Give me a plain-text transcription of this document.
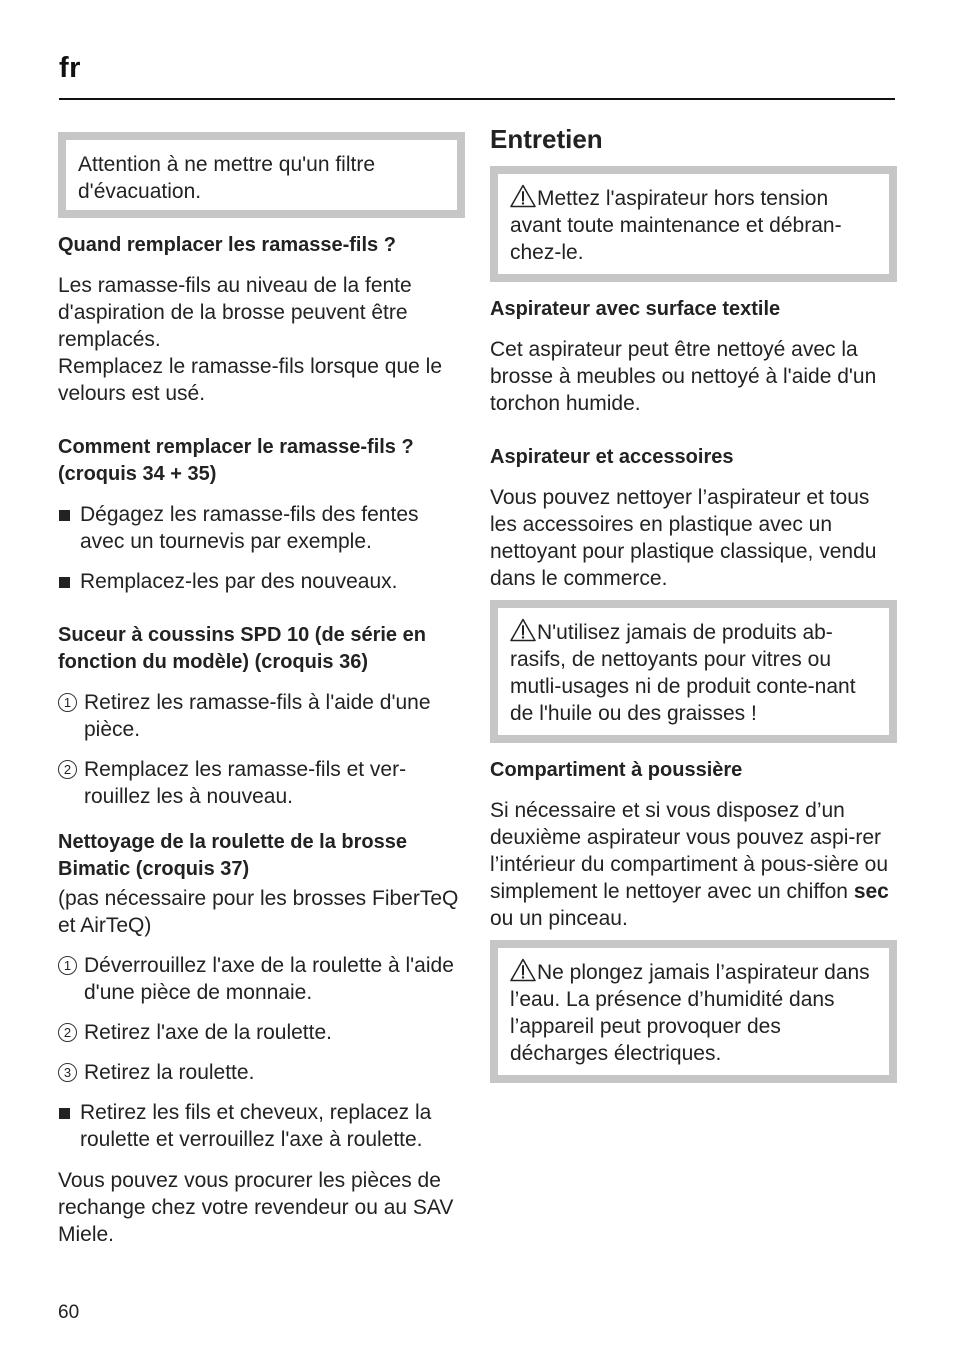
fr

Attention à ne mettre qu'un filtre d'évacuation.

Quand remplacer les ramasse-fils ?

Les ramasse-fils au niveau de la fente d'aspiration de la brosse peuvent être remplacés.

Remplacez le ramasse-fils lorsque que le velours est usé.

Comment remplacer le ramasse-fils ? (croquis 34 + 35)

Dégagez les ramasse-fils des fentes avec un tournevis par exemple.
Remplacez-les par des nouveaux.

Suceur à coussins SPD 10 (de série en fonction du modèle) (croquis 36)

1 Retirez les ramasse-fils à l'aide d'une pièce.
2 Remplacez les ramasse-fils et ver-rouillez les à nouveau.

Nettoyage de la roulette de la brosse Bimatic (croquis 37)

(pas nécessaire pour les brosses FiberTeQ et AirTeQ)

1 Déverrouillez l'axe de la roulette à l'aide d'une pièce de monnaie.
2 Retirez l'axe de la roulette.
3 Retirez la roulette.
Retirez les fils et cheveux, replacez la roulette et verrouillez l'axe à roulette.

Vous pouvez vous procurer les pièces de rechange chez votre revendeur ou au SAV Miele.

Entretien

Mettez l'aspirateur hors tension avant toute maintenance et débran-chez-le.

Aspirateur avec surface textile

Cet aspirateur peut être nettoyé avec la brosse à meubles ou nettoyé à l'aide d'un torchon humide.

Aspirateur et accessoires

Vous pouvez nettoyer l’aspirateur et tous les accessoires en plastique avec un nettoyant pour plastique classique, vendu dans le commerce.

N'utilisez jamais de produits ab-rasifs, de nettoyants pour vitres ou mutli-usages ni de produit conte-nant de l'huile ou des graisses !

Compartiment à poussière

Si nécessaire et si vous disposez d’un deuxième aspirateur vous pouvez aspi-rer l’intérieur du compartiment à pous-sière ou simplement le nettoyer avec un chiffon sec ou un pinceau.

Ne plongez jamais l’aspirateur dans l’eau. La présence d’humidité dans l’appareil peut provoquer des décharges électriques.

60
